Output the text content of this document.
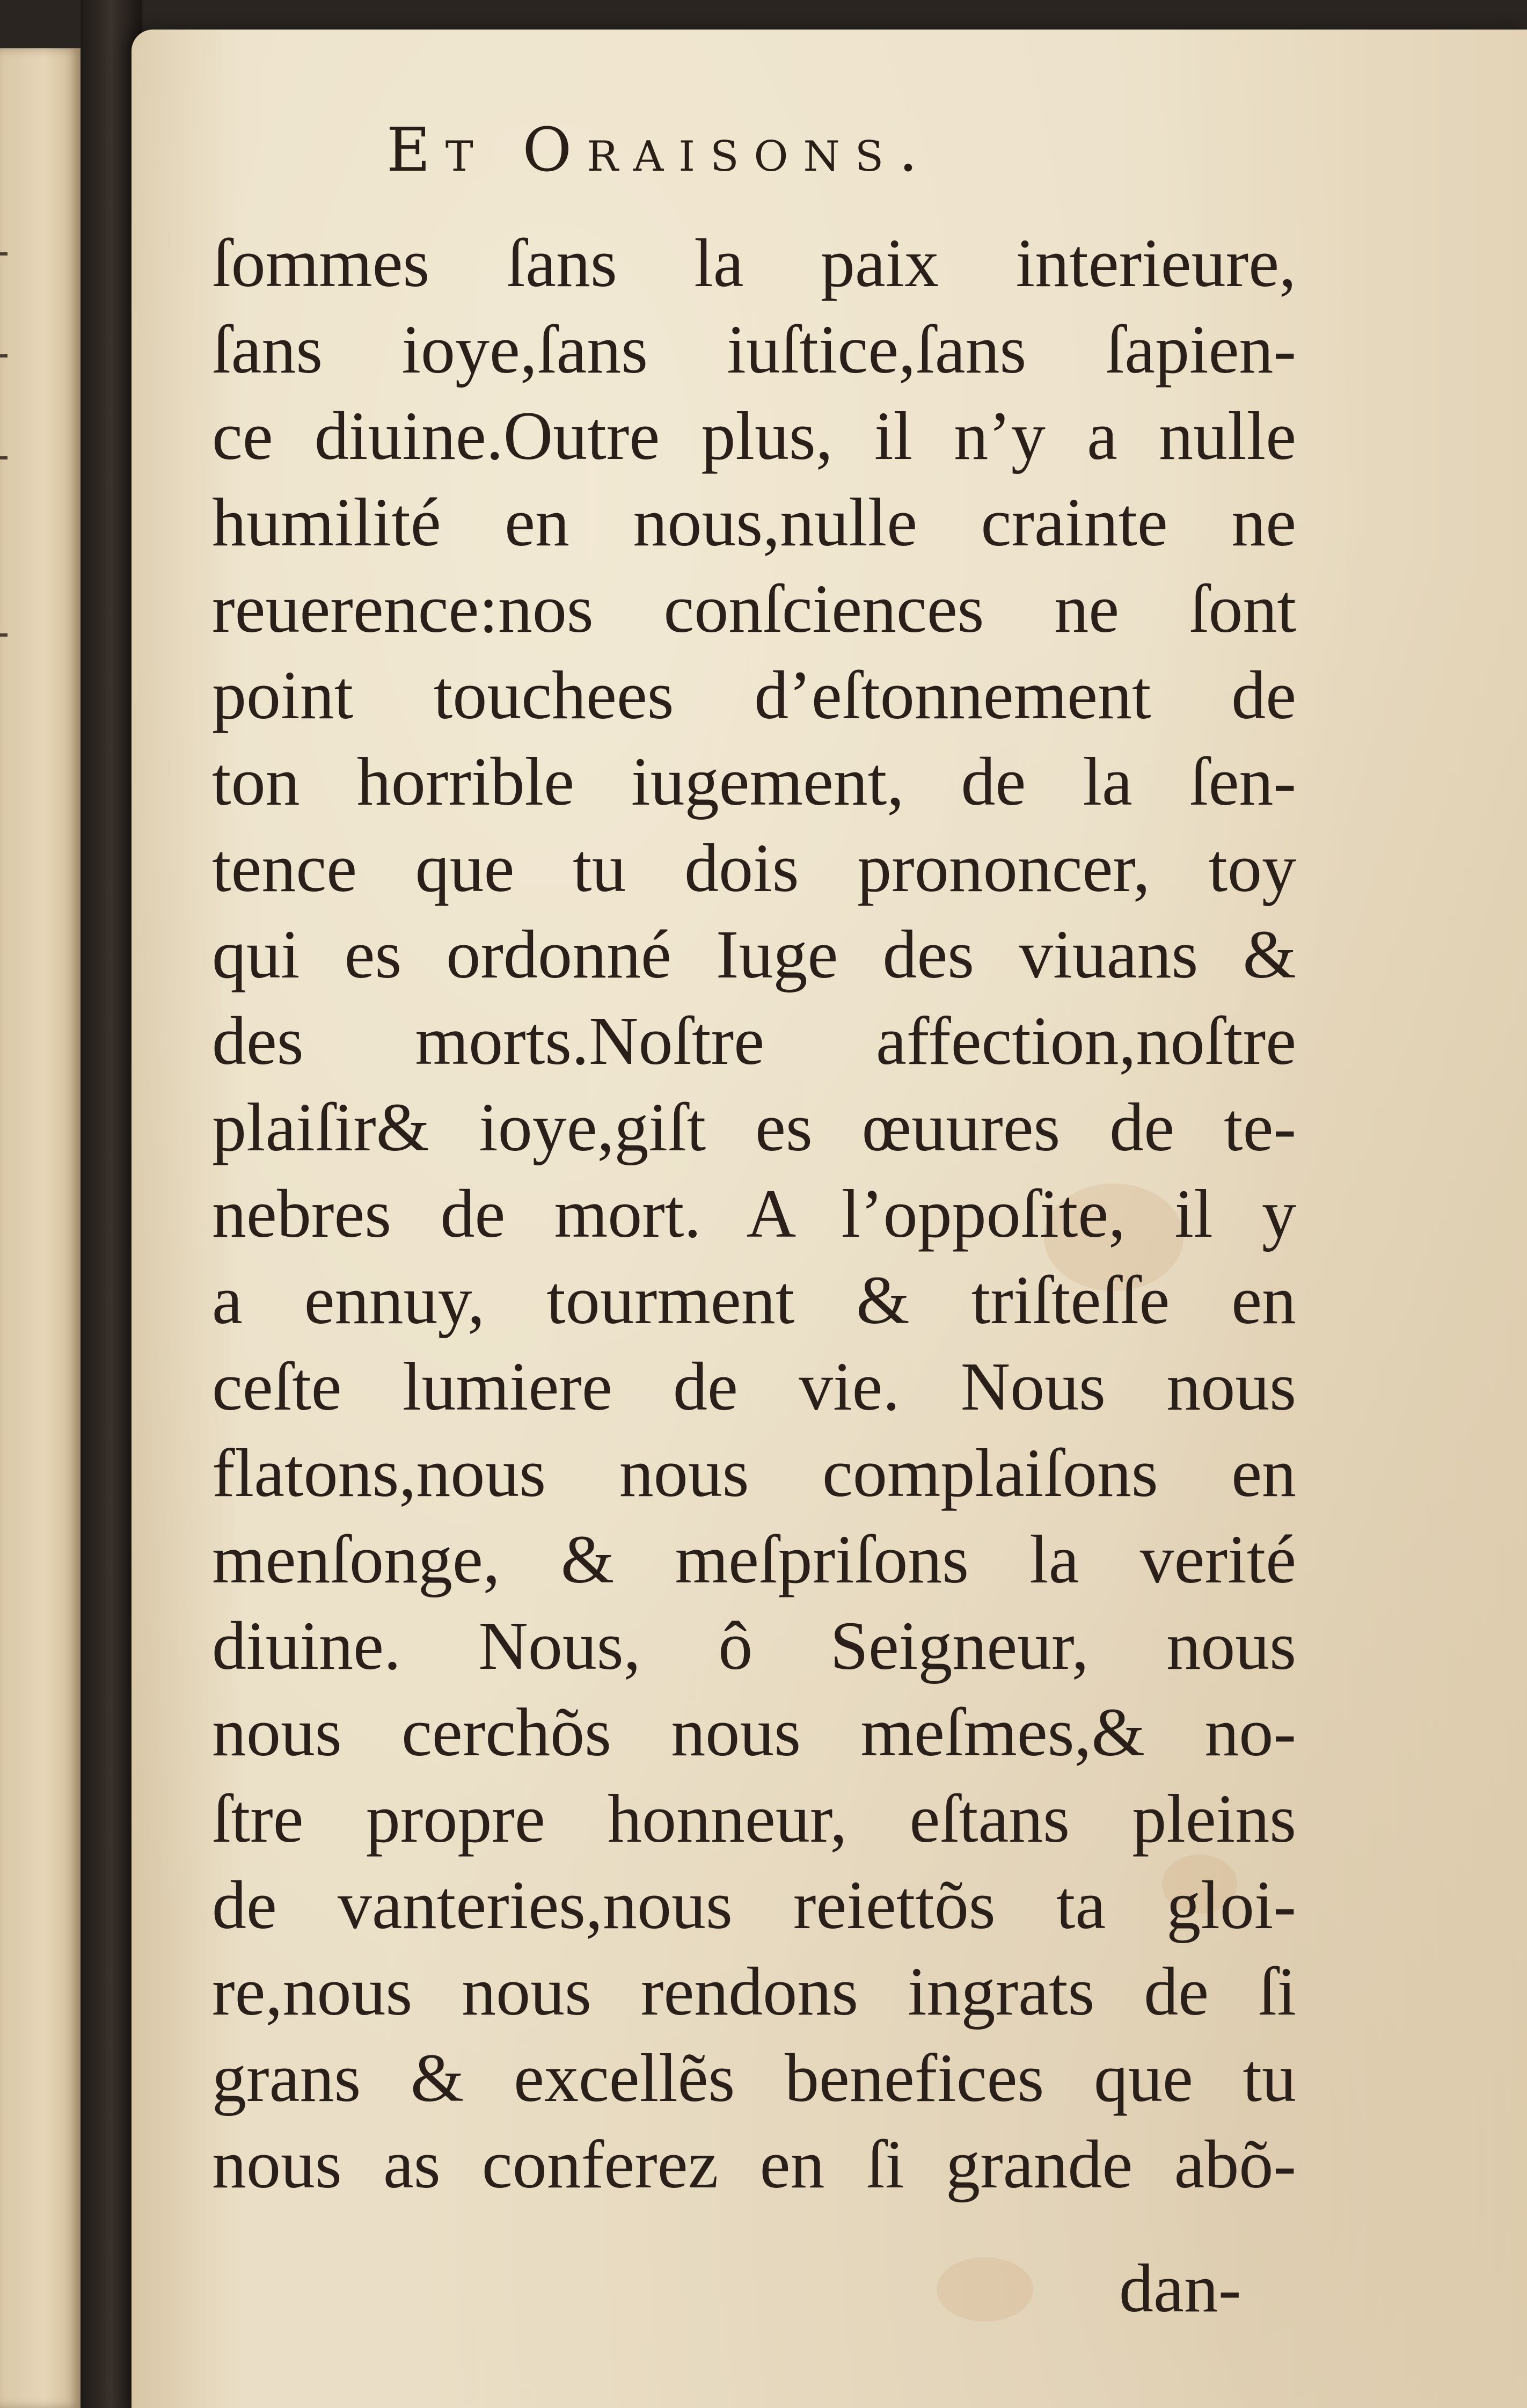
Et Oraisons.
ſommes ſans la paix interieure,
ſans ioye,ſans iuſtice,ſans ſapien-
ce diuine.Outre plus, il n’y a nulle
humilité en nous,nulle crainte ne
reuerence:nos conſciences ne ſont
point touchees d’eſtonnement de
ton horrible iugement, de la ſen-
tence que tu dois prononcer, toy
qui es ordonné Iuge des viuans &
des morts.Noſtre affection,noſtre
plaiſir& ioye,giſt es œuures de te-
nebres de mort. A l’oppoſite, il y
a ennuy, tourment & triſteſſe en
ceſte lumiere de vie. Nous nous
flatons,nous nous complaiſons en
menſonge, & meſpriſons la verité
diuine. Nous, ô Seigneur, nous
nous cerchõs nous meſmes,& no-
ſtre propre honneur, eſtans pleins
de vanteries,nous reiettõs ta gloi-
re,nous nous rendons ingrats de ſi
grans & excellẽs benefices que tu
nous as conferez en ſi grande abõ-
dan-
